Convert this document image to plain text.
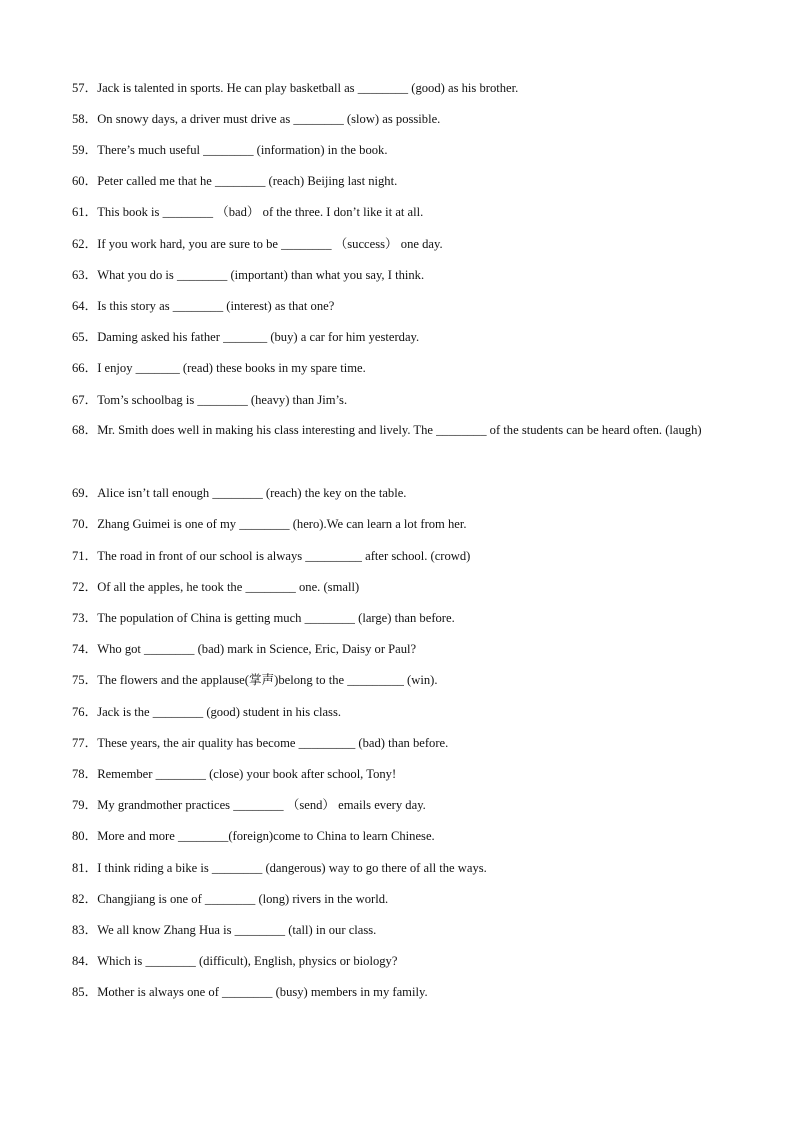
57．Jack is talented in sports. He can play basketball as ________ (good) as his brother.
58．On snowy days, a driver must drive as ________ (slow) as possible.
59．There’s much useful ________ (information) in the book.
60．Peter called me that he ________ (reach) Beijing last night.
61．This book is ________ （bad） of the three. I don’t like it at all.
62．If you work hard, you are sure to be ________ （success） one day.
63．What you do is ________ (important) than what you say, I think.
64．Is this story as ________ (interest) as that one?
65．Daming asked his father _______ (buy) a car for him yesterday.
66．I enjoy _______ (read) these books in my spare time.
67．Tom’s schoolbag is ________ (heavy) than Jim’s.
68．Mr. Smith does well in making his class interesting and lively. The ________ of the students can be heard often. (laugh)
69．Alice isn’t tall enough ________ (reach) the key on the table.
70．Zhang Guimei is one of my ________ (hero).We can learn a lot from her.
71．The road in front of our school is always _________ after school. (crowd)
72．Of all the apples, he took the ________ one. (small)
73．The population of China is getting much ________ (large) than before.
74．Who got ________ (bad) mark in Science, Eric, Daisy or Paul?
75．The flowers and the applause(掌声)belong to the _________ (win).
76．Jack is the ________ (good) student in his class.
77．These years, the air quality has become _________ (bad) than before.
78．Remember ________ (close) your book after school, Tony!
79．My grandmother practices ________ （send） emails every day.
80．More and more ________(foreign)come to China to learn Chinese.
81．I think riding a bike is ________ (dangerous) way to go there of all the ways.
82．Changjiang is one of ________ (long) rivers in the world.
83．We all know Zhang Hua is ________ (tall) in our class.
84．Which is ________ (difficult), English, physics or biology?
85．Mother is always one of ________ (busy) members in my family.
